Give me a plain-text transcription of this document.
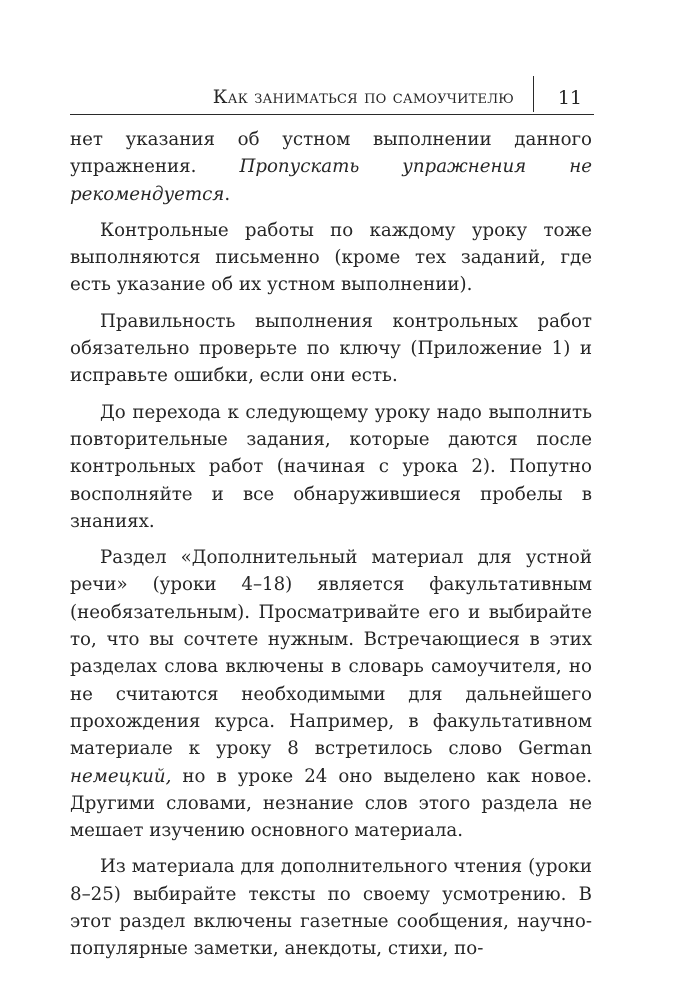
Как заниматься по самоучителю 11

нет указания об устном выполнении данного упражнения. Пропускать упражнения не рекомендуется.

Контрольные работы по каждому уроку тоже выполняются письменно (кроме тех заданий, где есть указание об их устном выполнении).

Правильность выполнения контрольных работ обязательно проверьте по ключу (Приложение 1) и исправьте ошибки, если они есть.

До перехода к следующему уроку надо выполнить повторительные задания, которые даются после контрольных работ (начиная с урока 2). Попутно восполняйте и все обнаружившиеся пробелы в знаниях.

Раздел «Дополнительный материал для устной речи» (уроки 4–18) является факультативным (необязательным). Просматривайте его и выбирайте то, что вы сочтете нужным. Встречающиеся в этих разделах слова включены в словарь самоучителя, но не считаются необходимыми для дальнейшего прохождения курса. Например, в факультативном материале к уроку 8 встретилось слово German немецкий, но в уроке 24 оно выделено как новое. Другими словами, незнание слов этого раздела не мешает изучению основного материала.

Из материала для дополнительного чтения (уроки 8–25) выбирайте тексты по своему усмотрению. В этот раздел включены газетные сообщения, научно-популярные заметки, анекдоты, стихи, по-
